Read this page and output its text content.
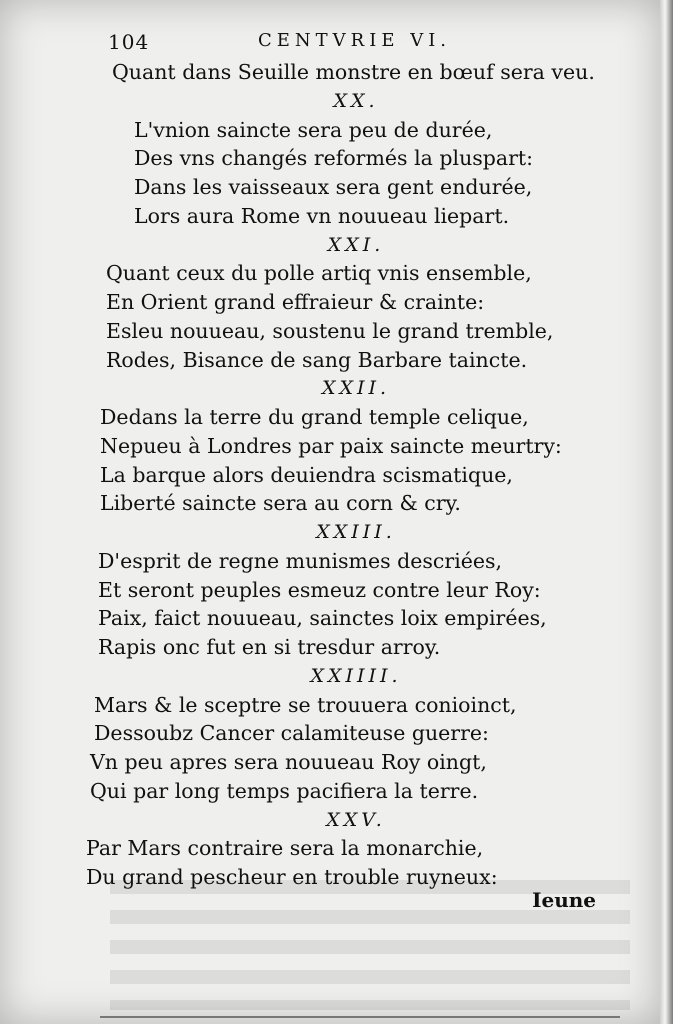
104	CENTVRIE VI.
Quant dans Seuille monstre en bœuf sera veu.
XX.
L'vnion saincte sera peu de durée,
Des vns changés reformés la pluspart:
Dans les vaisseaux sera gent endurée,
Lors aura Rome vn nouueau liepart.
XXI.
Quant ceux du polle artiq vnis ensemble,
En Orient grand effraieur & crainte:
Esleu nouueau, soustenu le grand tremble,
Rodes, Bisance de sang Barbare taincte.
XXII.
Dedans la terre du grand temple celique,
Nepueu à Londres par paix saincte meurtry:
La barque alors deuiendra scismatique,
Liberté saincte sera au corn & cry.
XXIII.
D'esprit de regne munismes descriées,
Et seront peuples esmeuz contre leur Roy:
Paix, faict nouueau, sainctes loix empirées,
Rapis onc fut en si tresdur arroy.
XXIIII.
Mars & le sceptre se trouuera conioinct,
Dessoubz Cancer calamiteuse guerre:
Vn peu apres sera nouueau Roy oingt,
Qui par long temps pacifiera la terre.
XXV.
Par Mars contraire sera la monarchie,
Du grand pescheur en trouble ruyneux:
Ieune
